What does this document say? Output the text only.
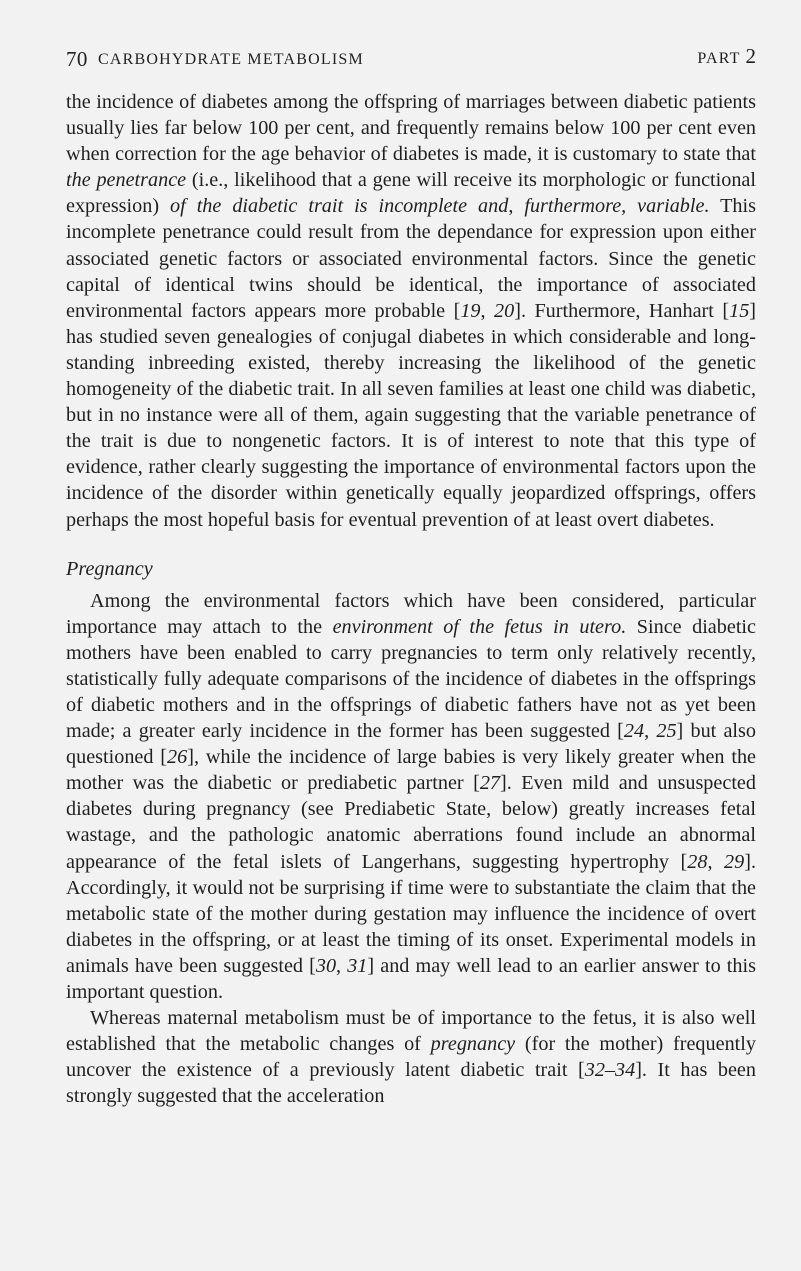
70 CARBOHYDRATE METABOLISM	PART 2

the incidence of diabetes among the offspring of marriages between diabetic patients usually lies far below 100 per cent, and frequently remains below 100 per cent even when correction for the age behavior of diabetes is made, it is customary to state that the penetrance (i.e., likelihood that a gene will receive its morphologic or functional expression) of the diabetic trait is incomplete and, furthermore, variable. This incomplete penetrance could result from the dependance for expression upon either associated genetic factors or associated environmental factors. Since the genetic capital of identical twins should be identical, the importance of associated environmental factors appears more probable [19, 20]. Furthermore, Hanhart [15] has studied seven genealogies of conjugal diabetes in which considerable and long-standing inbreeding existed, thereby increasing the likelihood of the genetic homogeneity of the diabetic trait. In all seven families at least one child was diabetic, but in no instance were all of them, again suggesting that the variable penetrance of the trait is due to nongenetic factors. It is of interest to note that this type of evidence, rather clearly suggesting the importance of environmental factors upon the incidence of the disorder within genetically equally jeopardized offsprings, offers perhaps the most hopeful basis for eventual prevention of at least overt diabetes.

Pregnancy

Among the environmental factors which have been considered, particular importance may attach to the environment of the fetus in utero. Since diabetic mothers have been enabled to carry pregnancies to term only relatively recently, statistically fully adequate comparisons of the incidence of diabetes in the offsprings of diabetic mothers and in the offsprings of diabetic fathers have not as yet been made; a greater early incidence in the former has been suggested [24, 25] but also questioned [26], while the incidence of large babies is very likely greater when the mother was the diabetic or prediabetic partner [27]. Even mild and unsuspected diabetes during pregnancy (see Prediabetic State, below) greatly increases fetal wastage, and the pathologic anatomic aberrations found include an abnormal appearance of the fetal islets of Langerhans, suggesting hypertrophy [28, 29]. Accordingly, it would not be surprising if time were to substantiate the claim that the metabolic state of the mother during gestation may influence the incidence of overt diabetes in the offspring, or at least the timing of its onset. Experimental models in animals have been suggested [30, 31] and may well lead to an earlier answer to this important question.

Whereas maternal metabolism must be of importance to the fetus, it is also well established that the metabolic changes of pregnancy (for the mother) frequently uncover the existence of a previously latent diabetic trait [32–34]. It has been strongly suggested that the acceleration
